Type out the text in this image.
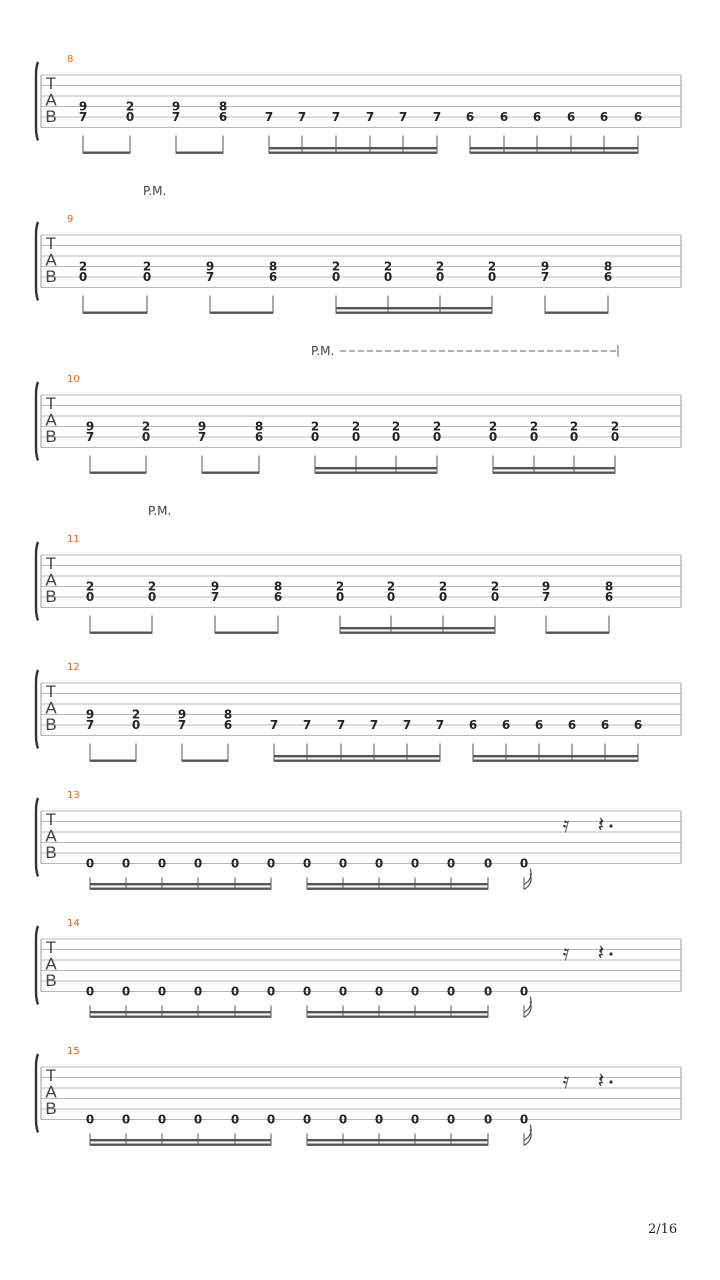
8
T
A
B
9
7
2
0
9
7
8
6	7 7 7 7 7 7 6 6 6 6 6 6
9
T
A
B
P.M.
2
0
2
0
9
7
8
6
2
0
2
0
2
0
2
0
9
7
8
6
10
T
A
B
P.M.
9
7
2
0
9
7
8
6
2
0
2
0
2
0
2
0
2
0
2
0
2
0
2
0
11
T
A
B
P.M.
2
0
2
0
9
7
8
6
2
0
2
0
2
0
2
0
9
7
8
6
12
T
A
B
9
7
2
0
9
7
8
6	7 7 7 7 7 7 6 6 6 6 6 6
13
T
A
B
0 0 0 0 0 0 0 0 0 0 0 0 0
𝄿 𝄽
14
T
A
B
0 0 0 0 0 0 0 0 0 0 0 0 0
𝄿 𝄽
15
T
A
B
0 0 0 0 0 0 0 0 0 0 0 0 0
𝄿 𝄽
2/16
